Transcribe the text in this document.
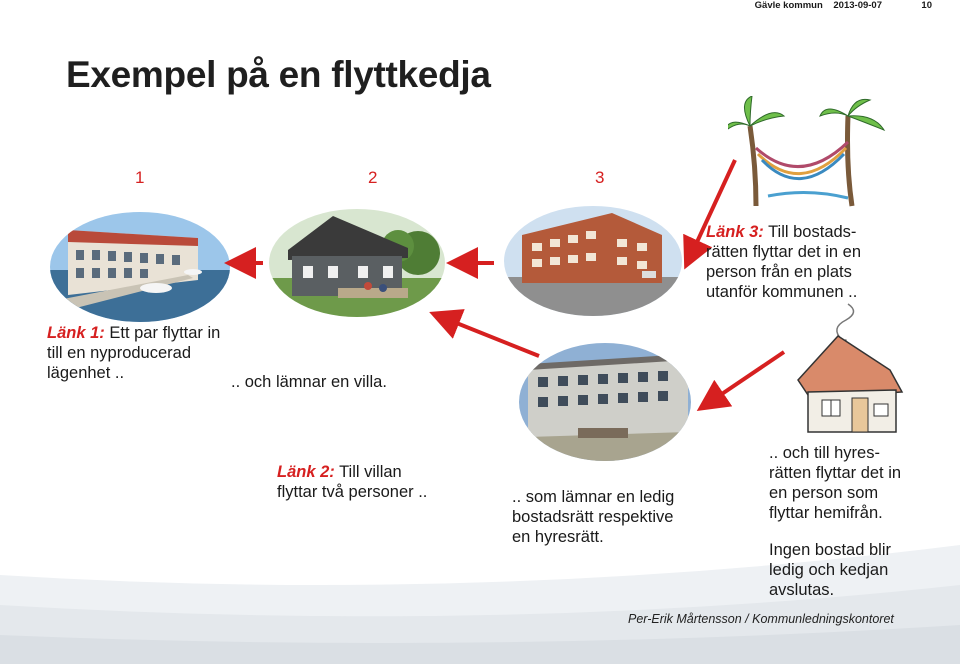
Gävle kommun 2013-09-07	10
Exempel på en flyttkedja
1	2	3
Länk 1: Ett par flyttar in
till en nyproducerad
lägenhet ..	.. och lämnar en villa.
Länk 2: Till villan
flyttar två personer ..
Länk 3: Till bostads-
rätten flyttar det in en
person från en plats
utanför kommunen ..
.. som lämnar en ledig
bostadsrätt respektive
en hyresrätt.
.. och till hyres-
rätten flyttar det in
en person som
flyttar hemifrån.
Ingen bostad blir
ledig och kedjan
avslutas.
Per-Erik Mårtensson / Kommunledningskontoret
